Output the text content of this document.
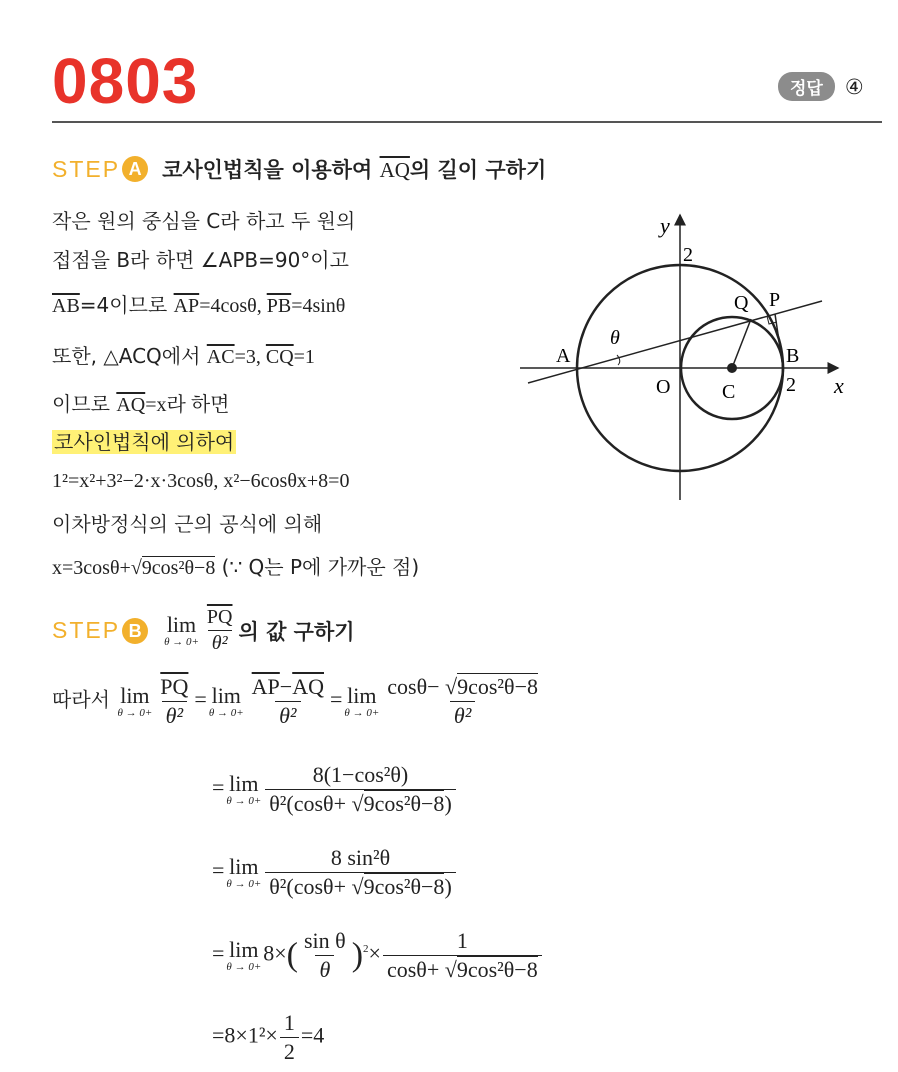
0803	정답	④
STEP A 코사인법칙을 이용하여 $\overline{AQ}$의 길이 구하기
작은 원의 중심을 C라 하고 두 원의
접점을 B라 하면 ∠APB=90°이고
$\overline{AB}=4$이므로 $\overline{AP}=4\cos\theta$, $\overline{PB}=4\sin\theta$
또한, △ACQ에서 $\overline{AC}=3$, $\overline{CQ}=1$
이므로 $\overline{AQ}=x$라 하면
코사인법칙에 의하여
1²=x²+3²−2·x·3cosθ, x²−6cosθx+8=0
이차방정식의 근의 공식에 의해
x=3cosθ+√9cos²θ−8 (∵ Q는 P에 가까운 점)
y
x
2
2
A
O	C
B
Q P
θ
STEP B lim
$\theta \to 0+ \frac{\overline{PQ}}{\text{θ²}}$ 의 값 구하기
따라서 lim
$\theta \to 0+ \frac{\overline{PQ}}{\text{θ²}} = \lim$
$\theta \to 0+ \frac{\overline{AP}-\overline{AQ}}{\text{θ²}} = \lim$
$\theta \to 0+ \frac{\text{cosθ− √9cos²θ−8}}{\text{θ²}}$
= lim
$\theta \to 0+ \frac{\text{8(1−cos²θ)}}{\text{θ²(cosθ+ √9cos²θ−8)}}$
= lim
$\theta \to 0+ \frac{\text{8 sin²θ}}{\text{θ²(cosθ+ √9cos²θ−8)}}$
= lim
θ → 0+
$8\times( \frac{\text{sin θ}}{\theta} )^2\times \frac{1}{\text{cosθ+ √9cos²θ−8}}$
$=8\times 1^2\times \frac{1}{2} =4$
